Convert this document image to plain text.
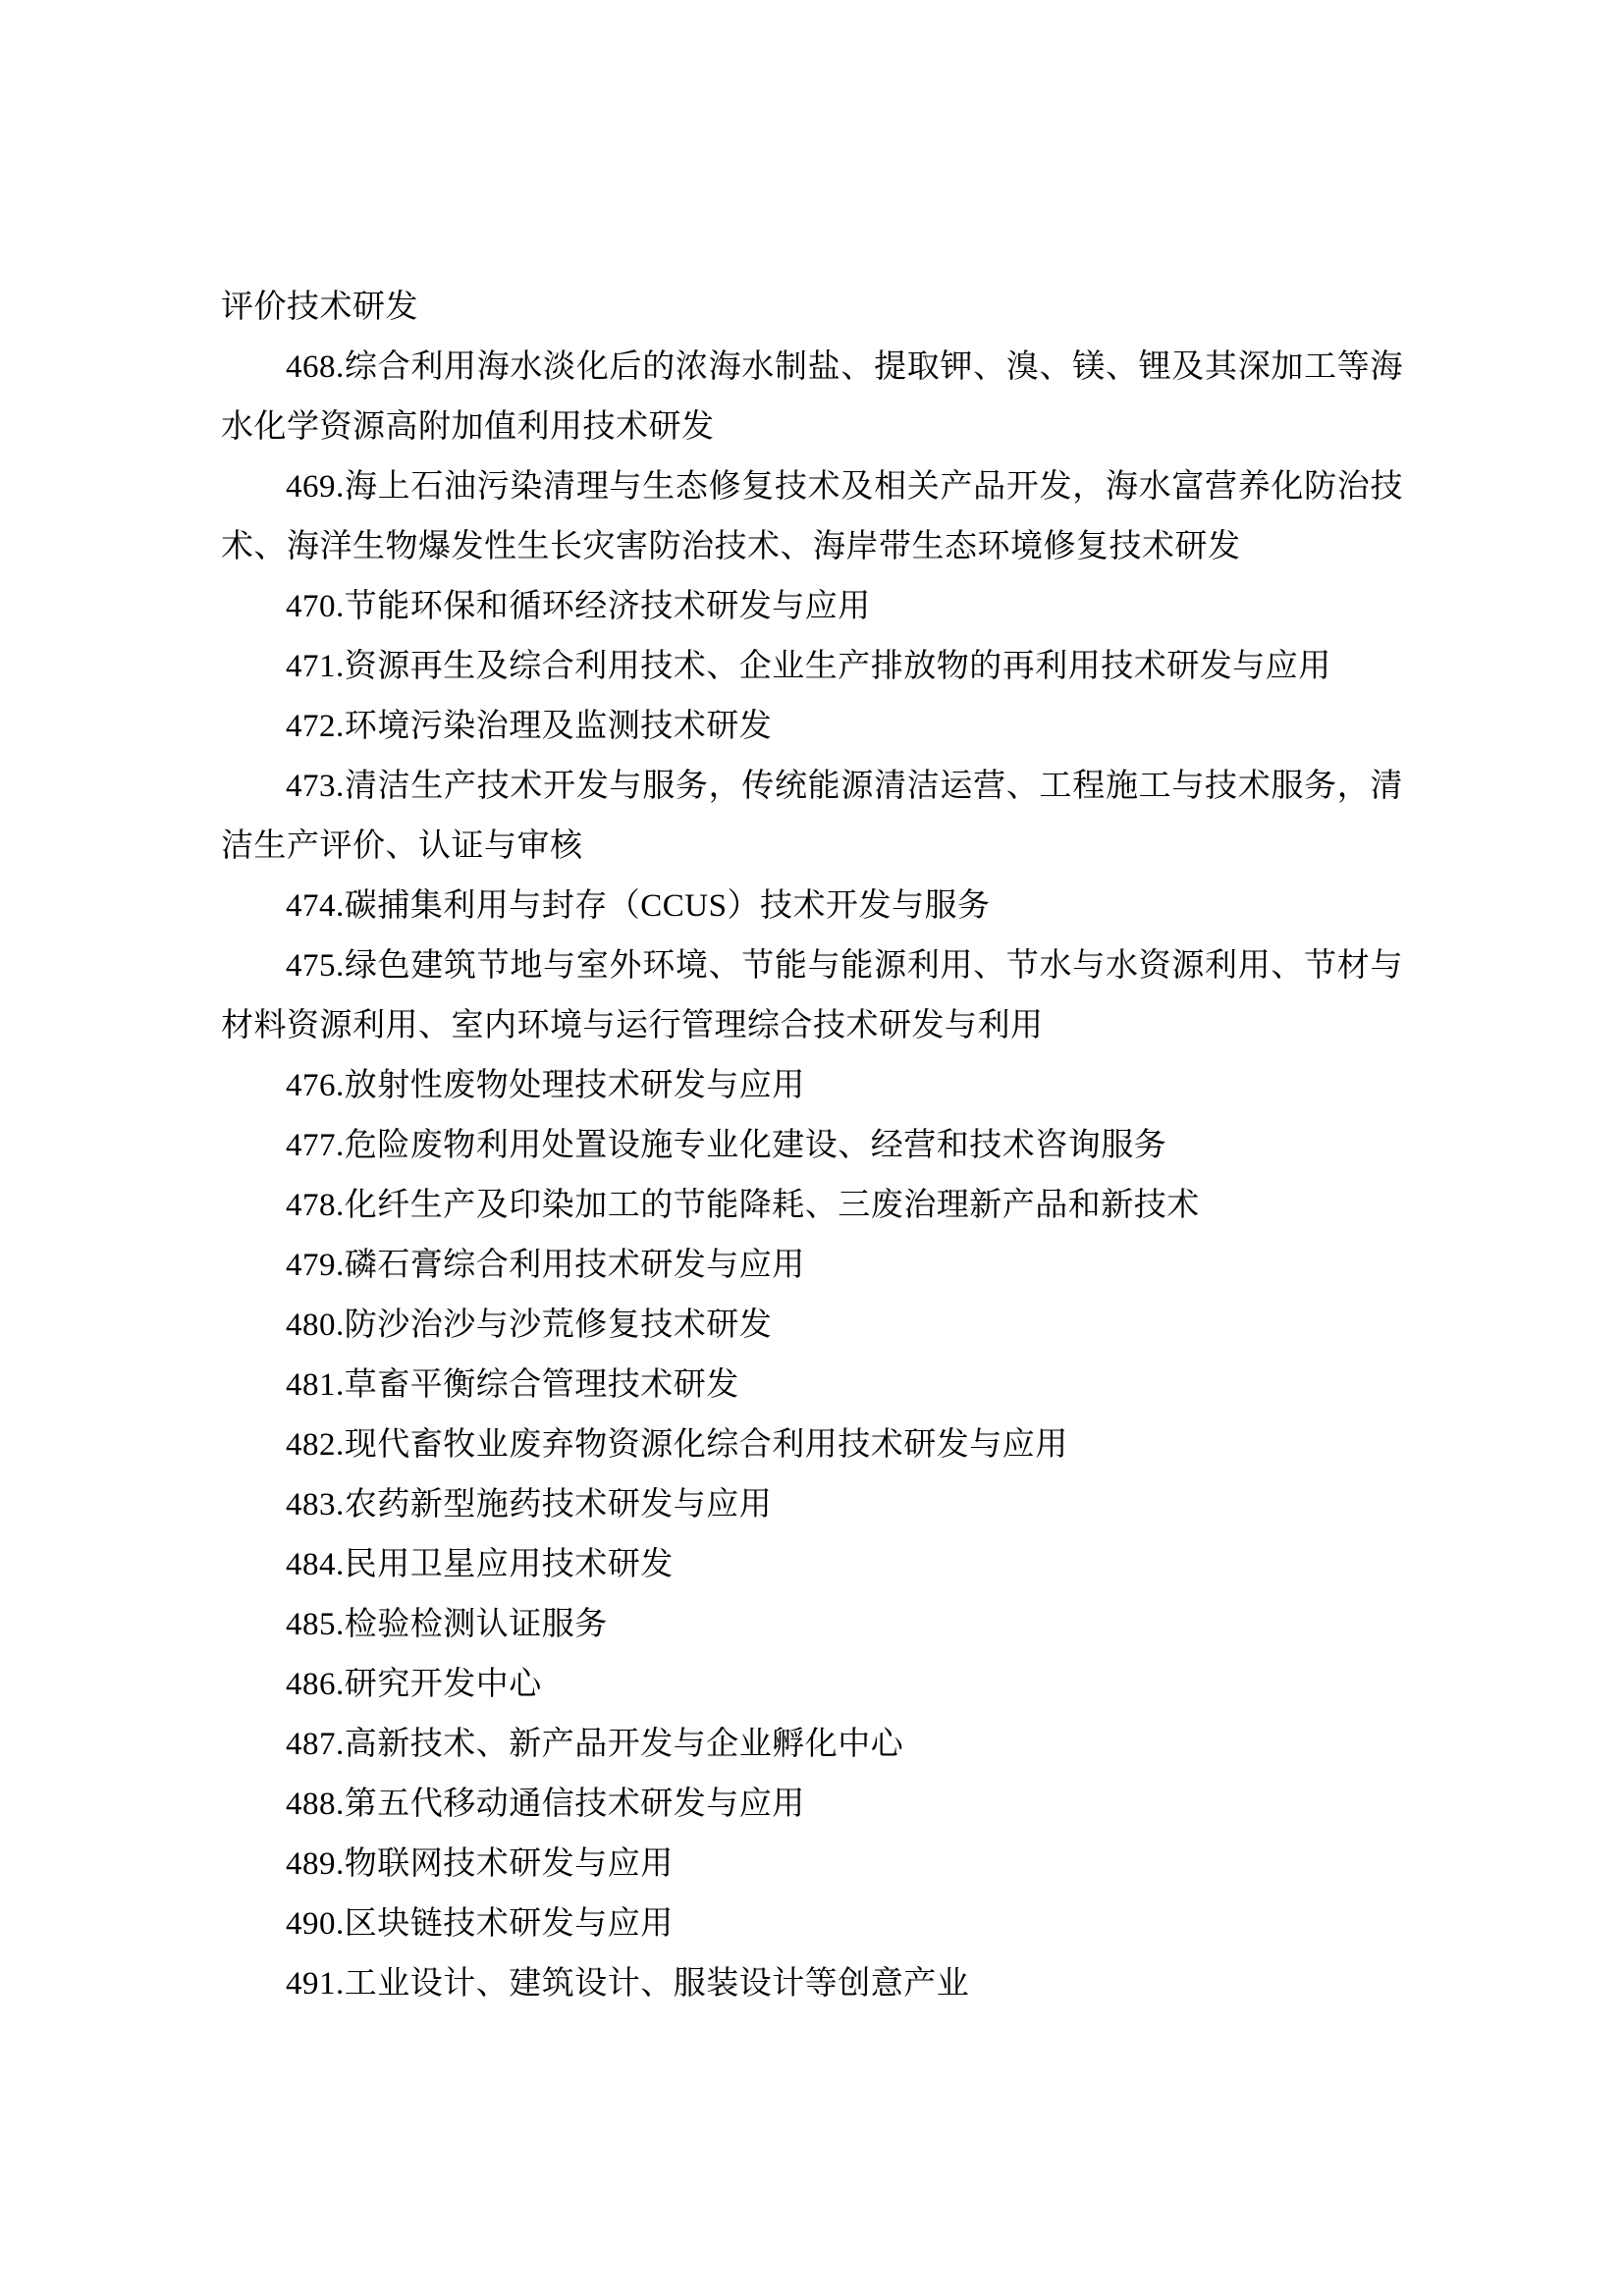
评价技术研发

468.综合利用海水淡化后的浓海水制盐、提取钾、溴、镁、锂及其深加工等海水化学资源高附加值利用技术研发

469.海上石油污染清理与生态修复技术及相关产品开发，海水富营养化防治技术、海洋生物爆发性生长灾害防治技术、海岸带生态环境修复技术研发

470.节能环保和循环经济技术研发与应用

471.资源再生及综合利用技术、企业生产排放物的再利用技术研发与应用

472.环境污染治理及监测技术研发

473.清洁生产技术开发与服务，传统能源清洁运营、工程施工与技术服务，清洁生产评价、认证与审核

474.碳捕集利用与封存（CCUS）技术开发与服务

475.绿色建筑节地与室外环境、节能与能源利用、节水与水资源利用、节材与材料资源利用、室内环境与运行管理综合技术研发与利用

476.放射性废物处理技术研发与应用

477.危险废物利用处置设施专业化建设、经营和技术咨询服务

478.化纤生产及印染加工的节能降耗、三废治理新产品和新技术

479.磷石膏综合利用技术研发与应用

480.防沙治沙与沙荒修复技术研发

481.草畜平衡综合管理技术研发

482.现代畜牧业废弃物资源化综合利用技术研发与应用

483.农药新型施药技术研发与应用

484.民用卫星应用技术研发

485.检验检测认证服务

486.研究开发中心

487.高新技术、新产品开发与企业孵化中心

488.第五代移动通信技术研发与应用

489.物联网技术研发与应用

490.区块链技术研发与应用

491.工业设计、建筑设计、服装设计等创意产业
